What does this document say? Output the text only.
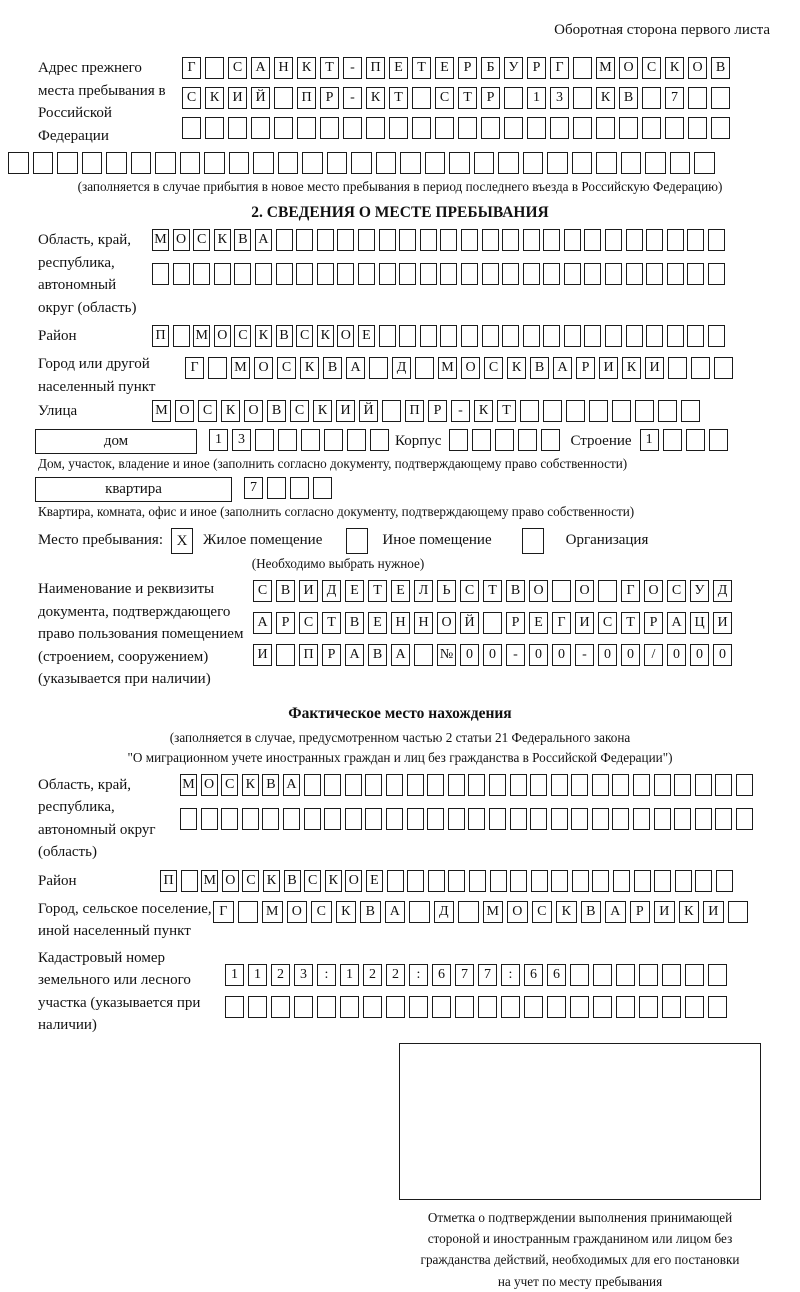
Оборотная сторона первого листа
Адрес прежнего места пребывания в Российской Федерации
Г	С А Н К Т - П Е Т Е Р Б У Р Г	М О С К О В
С К И Й	П Р - К Т	С Т Р	1 3	К В	7
(заполняется в случае прибытия в новое место пребывания в период последнего въезда в Российскую Федерацию)
2. СВЕДЕНИЯ О МЕСТЕ ПРЕБЫВАНИЯ
Область, край, республика, автономный округ (область)
М О С К В А
Район	П М О С К В С К О Е
Город или другой населенный пункт
Г	М О С К В А	Д М О С К В А Р И К И
Улица	М О С К О В С К И Й	П Р - К Т
дом	1 3	Корпус	Строение	1
Дом, участок, владение и иное (заполнить согласно документу, подтверждающему право собственности)
квартира	7
Квартира, комната, офис и иное (заполнить согласно документу, подтверждающему право собственности)
Место пребывания: X	Жилое помещение	Иное помещение	Организация
(Необходимо выбрать нужное)
Наименование и реквизиты документа, подтверждающего право пользования помещением (строением, сооружением) (указывается при наличии)
С В И Д Е Т Е Л Ь С Т В О	О	Г О С У Д
А Р С Т В Е Н Н О Й	Р Е Г И С Т Р А Ц И
И	П Р А В А № 0 0 - 0 0 - 0 0 / 0 0 0
Фактическое место нахождения
(заполняется в случае, предусмотренном частью 2 статьи 21 Федерального закона
"О миграционном учете иностранных граждан и лиц без гражданства в Российской Федерации")
Область, край, республика, автономный округ (область)
М О С К В А
Район	П М О С К В С К О Е
Город, сельское поселение, иной населенный пункт
Г	М О С К В А	Д	М О С К В А Р И К И
Кадастровый номер земельного или лесного участка (указывается при наличии)
1 1 2 3 : 1 2 2 : 6 7 7 : 6 6
Отметка о подтверждении выполнения принимающей
стороной и иностранным гражданином или лицом без
гражданства действий, необходимых для его постановки
на учет по месту пребывания
